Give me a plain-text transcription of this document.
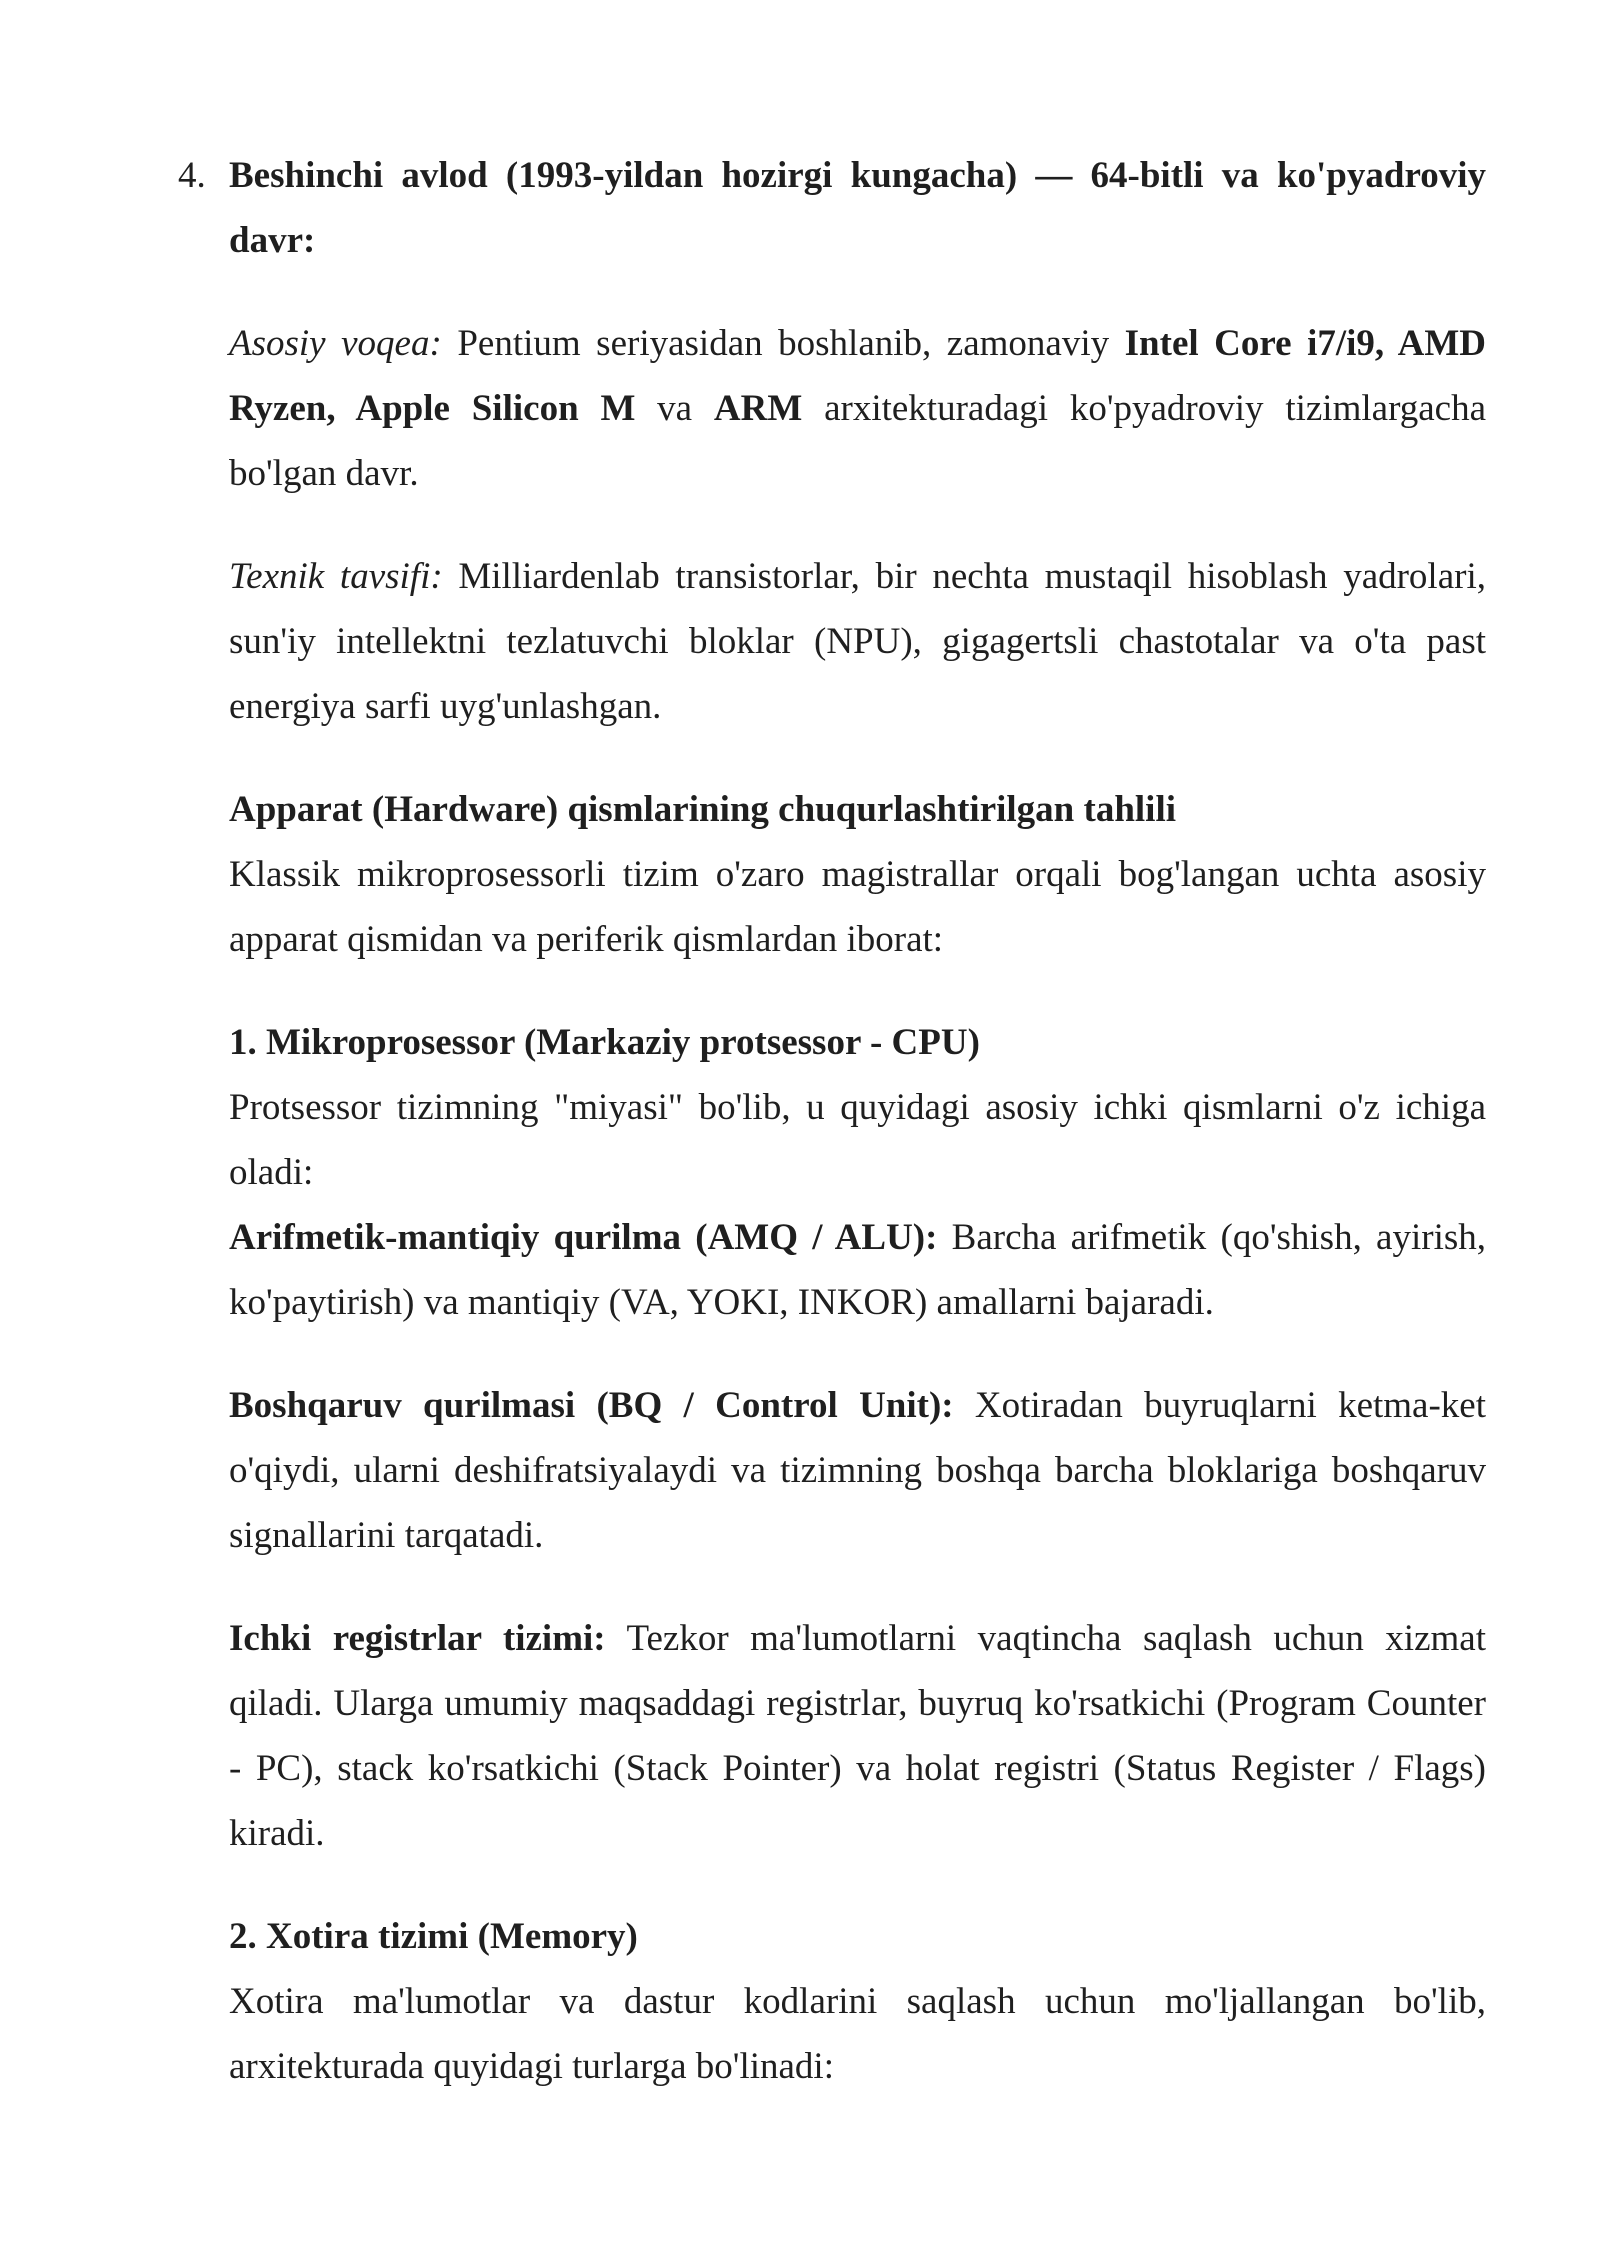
4. Beshinchi avlod (1993-yildan hozirgi kungacha) — 64-bitli va ko'pyadroviy davr:

Asosiy voqea: Pentium seriyasidan boshlanib, zamonaviy Intel Core i7/i9, AMD Ryzen, Apple Silicon M va ARM arxitekturadagi ko'pyadroviy tizimlargacha bo'lgan davr.

Texnik tavsifi: Milliardenlab transistorlar, bir nechta mustaqil hisoblash yadrolari, sun'iy intellektni tezlatuvchi bloklar (NPU), gigagertsli chastotalar va o'ta past energiya sarfi uyg'unlashgan.

Apparat (Hardware) qismlarining chuqurlashtirilgan tahlili

Klassik mikroprosessorli tizim o'zaro magistrallar orqali bog'langan uchta asosiy apparat qismidan va periferik qismlardan iborat:

1. Mikroprosessor (Markaziy protsessor - CPU)

Protsessor tizimning "miyasi" bo'lib, u quyidagi asosiy ichki qismlarni o'z ichiga oladi:

Arifmetik-mantiqiy qurilma (AMQ / ALU): Barcha arifmetik (qo'shish, ayirish, ko'paytirish) va mantiqiy (VA, YOKI, INKOR) amallarni bajaradi.

Boshqaruv qurilmasi (BQ / Control Unit): Xotiradan buyruqlarni ketma-ket o'qiydi, ularni deshifratsiyalaydi va tizimning boshqa barcha bloklariga boshqaruv signallarini tarqatadi.

Ichki registrlar tizimi: Tezkor ma'lumotlarni vaqtincha saqlash uchun xizmat qiladi. Ularga umumiy maqsaddagi registrlar, buyruq ko'rsatkichi (Program Counter - PC), stack ko'rsatkichi (Stack Pointer) va holat registri (Status Register / Flags) kiradi.

2. Xotira tizimi (Memory)

Xotira ma'lumotlar va dastur kodlarini saqlash uchun mo'ljallangan bo'lib, arxitekturada quyidagi turlarga bo'linadi:
